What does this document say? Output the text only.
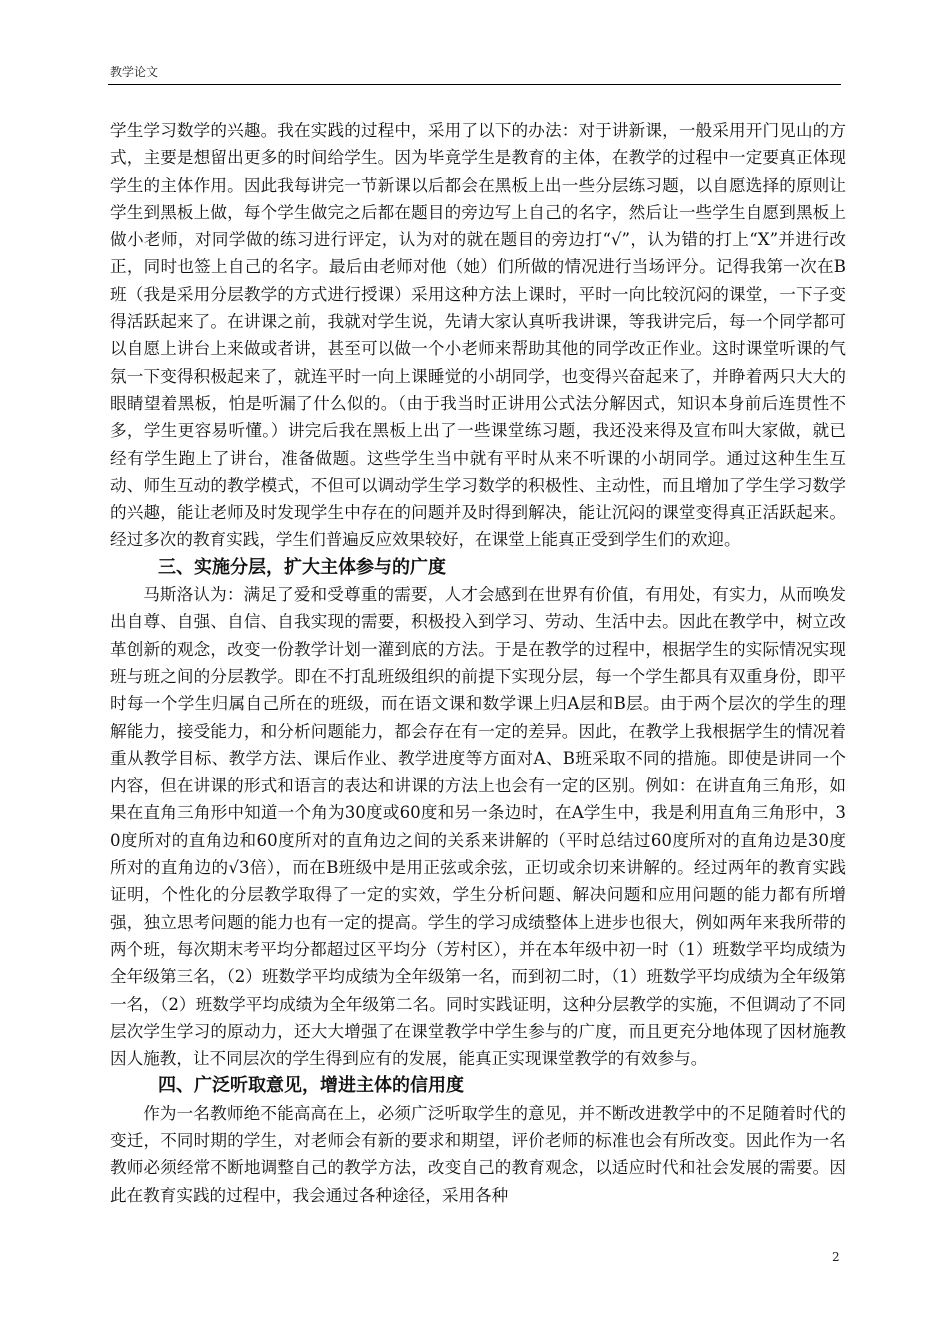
教学论文

学生学习数学的兴趣。我在实践的过程中，采用了以下的办法：对于讲新课，一般采用开门见山的方式，主要是想留出更多的时间给学生。因为毕竟学生是教育的主体，在教学的过程中一定要真正体现学生的主体作用。因此我每讲完一节新课以后都会在黑板上出一些分层练习题，以自愿选择的原则让学生到黑板上做，每个学生做完之后都在题目的旁边写上自己的名字，然后让一些学生自愿到黑板上做小老师，对同学做的练习进行评定，认为对的就在题目的旁边打“√”，认为错的打上“X”并进行改正，同时也签上自己的名字。最后由老师对他（她）们所做的情况进行当场评分。记得我第一次在B班（我是采用分层教学的方式进行授课）采用这种方法上课时，平时一向比较沉闷的课堂，一下子变得活跃起来了。在讲课之前，我就对学生说，先请大家认真听我讲课，等我讲完后，每一个同学都可以自愿上讲台上来做或者讲，甚至可以做一个小老师来帮助其他的同学改正作业。这时课堂听课的气氛一下变得积极起来了，就连平时一向上课睡觉的小胡同学，也变得兴奋起来了，并睁着两只大大的眼睛望着黑板，怕是听漏了什么似的。（由于我当时正讲用公式法分解因式，知识本身前后连贯性不多，学生更容易听懂。）讲完后我在黑板上出了一些课堂练习题，我还没来得及宣布叫大家做，就已经有学生跑上了讲台，准备做题。这些学生当中就有平时从来不听课的小胡同学。通过这种生生互动、师生互动的教学模式，不但可以调动学生学习数学的积极性、主动性，而且增加了学生学习数学的兴趣，能让老师及时发现学生中存在的问题并及时得到解决，能让沉闷的课堂变得真正活跃起来。经过多次的教育实践，学生们普遍反应效果较好，在课堂上能真正受到学生们的欢迎。

三、实施分层，扩大主体参与的广度

马斯洛认为：满足了爱和受尊重的需要，人才会感到在世界有价值，有用处，有实力，从而唤发出自尊、自强、自信、自我实现的需要，积极投入到学习、劳动、生活中去。因此在教学中，树立改革创新的观念，改变一份教学计划一灌到底的方法。于是在教学的过程中，根据学生的实际情况实现班与班之间的分层教学。即在不打乱班级组织的前提下实现分层，每一个学生都具有双重身份，即平时每一个学生归属自己所在的班级，而在语文课和数学课上归A层和B层。由于两个层次的学生的理解能力，接受能力，和分析问题能力，都会存在有一定的差异。因此，在教学上我根据学生的情况着重从教学目标、教学方法、课后作业、教学进度等方面对A、B班采取不同的措施。即使是讲同一个内容，但在讲课的形式和语言的表达和讲课的方法上也会有一定的区别。例如：在讲直角三角形，如果在直角三角形中知道一个角为30度或60度和另一条边时，在A学生中，我是利用直角三角形中，30度所对的直角边和60度所对的直角边之间的关系来讲解的（平时总结过60度所对的直角边是30度所对的直角边的√3倍），而在B班级中是用正弦或余弦，正切或余切来讲解的。经过两年的教育实践证明，个性化的分层教学取得了一定的实效，学生分析问题、解决问题和应用问题的能力都有所增强，独立思考问题的能力也有一定的提高。学生的学习成绩整体上进步也很大，例如两年来我所带的两个班，每次期末考平均分都超过区平均分（芳村区），并在本年级中初一时（1）班数学平均成绩为全年级第三名，（2）班数学平均成绩为全年级第一名，而到初二时，（1）班数学平均成绩为全年级第一名，（2）班数学平均成绩为全年级第二名。同时实践证明，这种分层教学的实施，不但调动了不同层次学生学习的原动力，还大大增强了在课堂教学中学生参与的广度，而且更充分地体现了因材施教因人施教，让不同层次的学生得到应有的发展，能真正实现课堂教学的有效参与。

四、广泛听取意见，增进主体的信用度

作为一名教师绝不能高高在上，必须广泛听取学生的意见，并不断改进教学中的不足随着时代的变迁，不同时期的学生，对老师会有新的要求和期望，评价老师的标准也会有所改变。因此作为一名教师必须经常不断地调整自己的教学方法，改变自己的教育观念，以适应时代和社会发展的需要。因此在教育实践的过程中，我会通过各种途径，采用各种

2
